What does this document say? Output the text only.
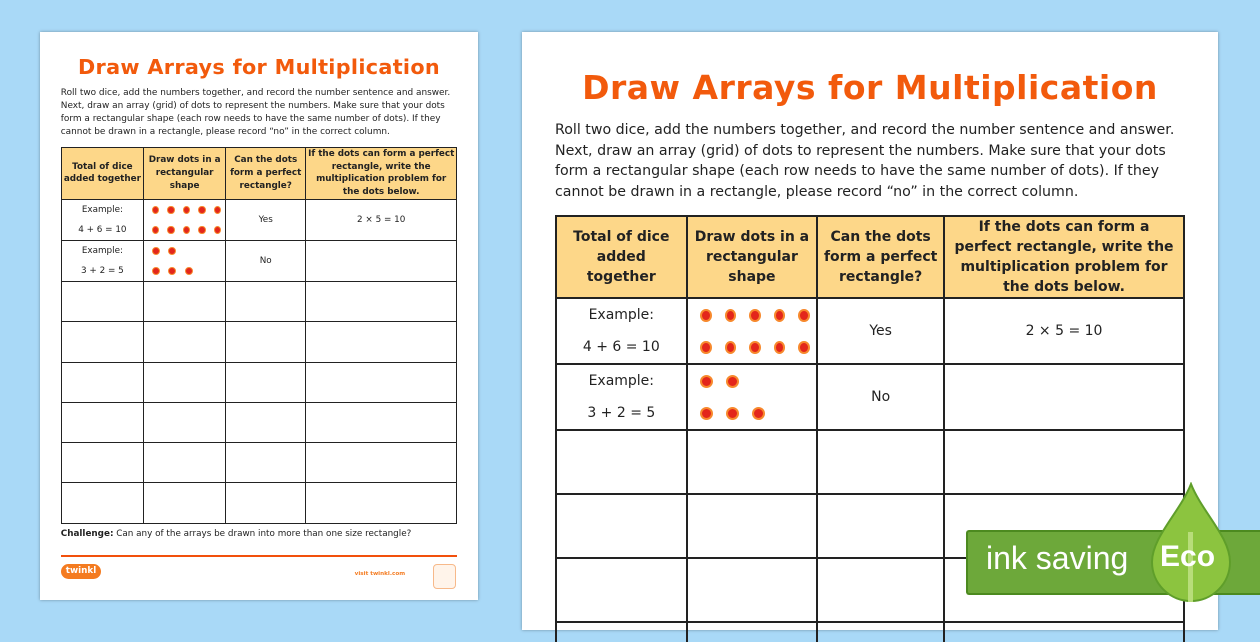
Draw Arrays for Multiplication
Roll two dice, add the numbers together, and record the number sentence and answer. Next, draw an array (grid) of dots to represent the numbers. Make sure that your dots form a rectangular shape (each row needs to have the same number of dots). If they cannot be drawn in a rectangle, please record “no” in the correct column.
Total of dice added together	Draw dots in a rectangular shape	Can the dots form a perfect rectangle?	If the dots can form a perfect rectangle, write the multiplication problem for the dots below.

Example:
4 + 6 = 10		Yes	2 × 5 = 10

Example:
3 + 2 = 5		No	

Challenge: Can any of the arrays be drawn into more than one size rectangle?
twinkl	visit twinkl.com
Draw Arrays for Multiplication
Roll two dice, add the numbers together, and record the number sentence and answer. Next, draw an array (grid) of dots to represent the numbers. Make sure that your dots form a rectangular shape (each row needs to have the same number of dots). If they cannot be drawn in a rectangle, please record “no” in the correct column.
Total of dice added together	Draw dots in a rectangular shape	Can the dots form a perfect rectangle?	If the dots can form a perfect rectangle, write the multiplication problem for the dots below.

Example:
4 + 6 = 10		Yes	2 × 5 = 10

Example:
3 + 2 = 5		No	

ink saving Eco
